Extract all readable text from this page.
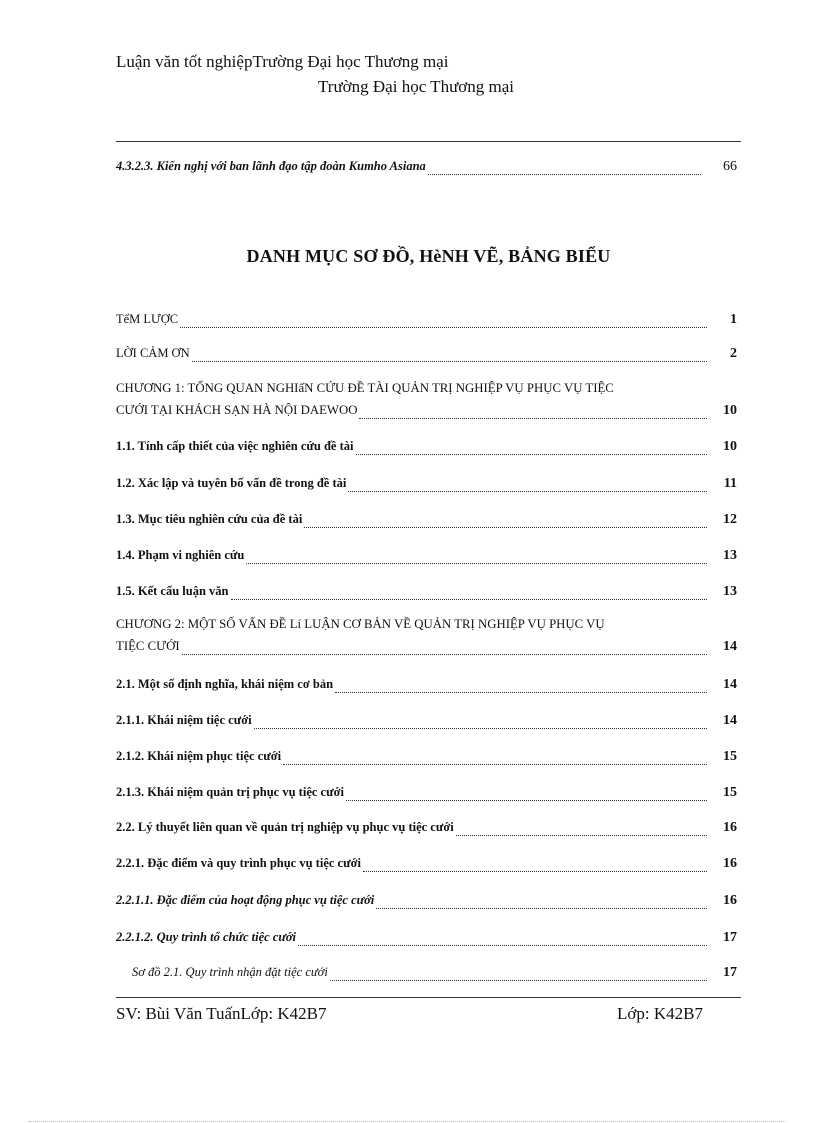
Luận văn tốt nghiệpTrường Đại học Thương mại
Trường Đại học Thương mại
4.3.2.3. Kiến nghị với ban lãnh đạo tập đoàn Kumho Asiana	66
DANH MỤC SƠ ĐỒ, HèNH VẼ, BẢNG BIỂU
TểM LƯỢC	1
LỜI CẢM ƠN	2
CHƯƠNG 1: TỔNG QUAN NGHIấN CỨU ĐỀ TÀI QUẢN TRỊ NGHIỆP VỤ PHỤC VỤ TIỆC
CƯỚI TẠI KHÁCH SẠN HÀ NỘI DAEWOO	10
1.1. Tính cấp thiết của việc nghiên cứu đề tài	10
1.2. Xác lập và tuyên bố vấn đề trong đề tài	11
1.3. Mục tiêu nghiên cứu của đề tài	12
1.4. Phạm vi nghiên cứu	13
1.5. Kết cấu luận văn	13
CHƯƠNG 2: MỘT SỐ VẤN ĐỀ Lí LUẬN CƠ BẢN VỀ QUẢN TRỊ NGHIỆP VỤ PHỤC VỤ
TIỆC CƯỚI	14
2.1. Một số định nghĩa, khái niệm cơ bản	14
2.1.1. Khái niệm tiệc cưới	14
2.1.2. Khái niệm phục tiệc cưới	15
2.1.3. Khái niệm quản trị phục vụ tiệc cưới	15
2.2. Lý thuyết liên quan về quản trị nghiệp vụ phục vụ tiệc cưới	16
2.2.1. Đặc điểm và quy trình phục vụ tiệc cưới	16
2.2.1.1. Đặc điểm của hoạt động phục vụ tiệc cưới	16
2.2.1.2. Quy trình tổ chức tiệc cưới	17
Sơ đồ 2.1. Quy trình nhận đặt tiệc cưới	17
SV: Bùi Văn TuấnLớp: K42B7	Lớp: K42B7
